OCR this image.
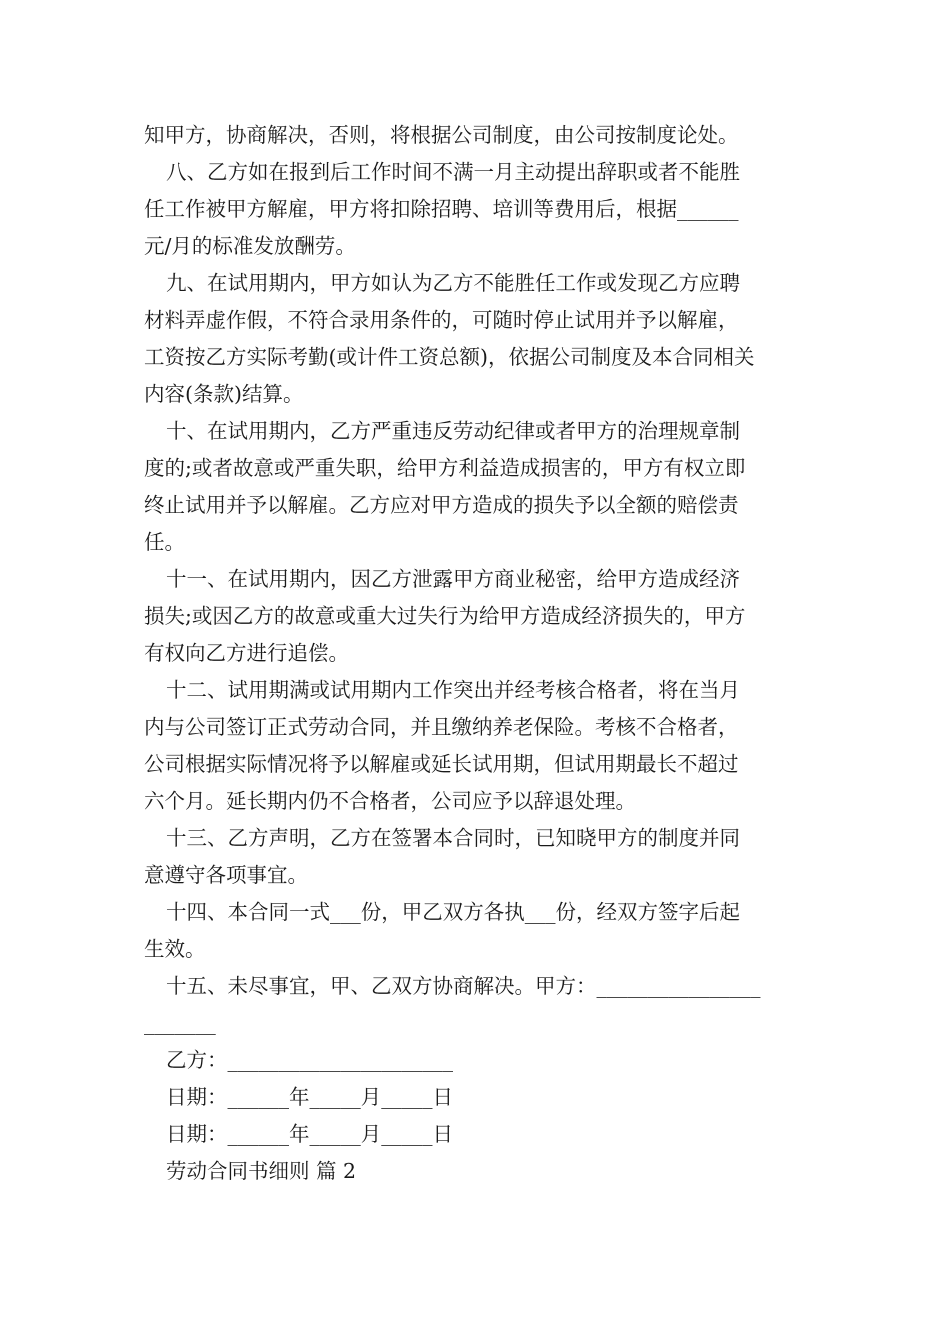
知甲方，协商解决，否则，将根据公司制度，由公司按制度论处。
八、乙方如在报到后工作时间不满一月主动提出辞职或者不能胜
任工作被甲方解雇，甲方将扣除招聘、培训等费用后，根据______
元/月的标准发放酬劳。
九、在试用期内，甲方如认为乙方不能胜任工作或发现乙方应聘
材料弄虚作假，不符合录用条件的，可随时停止试用并予以解雇，
工资按乙方实际考勤(或计件工资总额)，依据公司制度及本合同相关
内容(条款)结算。
十、在试用期内，乙方严重违反劳动纪律或者甲方的治理规章制
度的;或者故意或严重失职，给甲方利益造成损害的，甲方有权立即
终止试用并予以解雇。乙方应对甲方造成的损失予以全额的赔偿责
任。
十一、在试用期内，因乙方泄露甲方商业秘密，给甲方造成经济
损失;或因乙方的故意或重大过失行为给甲方造成经济损失的，甲方
有权向乙方进行追偿。
十二、试用期满或试用期内工作突出并经考核合格者，将在当月
内与公司签订正式劳动合同，并且缴纳养老保险。考核不合格者，
公司根据实际情况将予以解雇或延长试用期，但试用期最长不超过
六个月。延长期内仍不合格者，公司应予以辞退处理。
十三、乙方声明，乙方在签署本合同时，已知晓甲方的制度并同
意遵守各项事宜。
十四、本合同一式___份，甲乙双方各执___份，经双方签字后起
生效。
十五、未尽事宜，甲、乙双方协商解决。甲方：________________
_______
乙方：______________________
日期：______年_____月_____日
日期：______年_____月_____日
劳动合同书细则 篇 2
